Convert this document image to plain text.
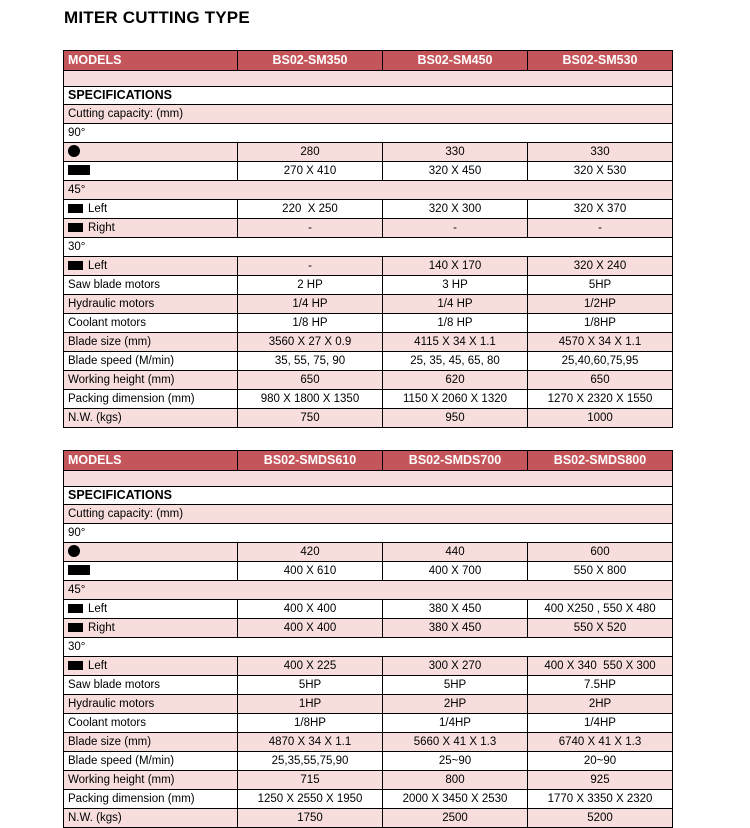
MITER CUTTING TYPE
MODELS	BS02-SM350	BS02-SM450	BS02-SM530

SPECIFICATIONS			
Cutting capacity: (mm)			
90°			
	280	330	330
	270 X 410	320 X 450	320 X 530
45°			
Left	220  X 250	320 X 300	320 X 370
Right	-	-	-
30°			
Left	-	140 X 170	320 X 240
Saw blade motors	2 HP	3 HP	5HP
Hydraulic motors	1/4 HP	1/4 HP	1/2HP
Coolant motors	1/8 HP	1/8 HP	1/8HP
Blade size (mm)	3560 X 27 X 0.9	4115 X 34 X 1.1	4570 X 34 X 1.1
Blade speed (M/min)	35, 55, 75, 90	25, 35, 45, 65, 80	25,40,60,75,95
Working height (mm)	650	620	650
Packing dimension (mm)	980 X 1800 X 1350	1150 X 2060 X 1320	1270 X 2320 X 1550
N.W. (kgs)	750	950	1000
MODELS	BS02-SMDS610	BS02-SMDS700	BS02-SMDS800

SPECIFICATIONS			
Cutting capacity: (mm)			
90°			
	420	440	600
	400 X 610	400 X 700	550 X 800
45°			
Left	400 X 400	380 X 450	400 X250 , 550 X 480
Right	400 X 400	380 X 450	550 X 520
30°			
Left	400 X 225	300 X 270	400 X 340  550 X 300
Saw blade motors	5HP	5HP	7.5HP
Hydraulic motors	1HP	2HP	2HP
Coolant motors	1/8HP	1/4HP	1/4HP
Blade size (mm)	4870 X 34 X 1.1	5660 X 41 X 1.3	6740 X 41 X 1.3
Blade speed (M/min)	25,35,55,75,90	25~90	20~90
Working height (mm)	715	800	925
Packing dimension (mm)	1250 X 2550 X 1950	2000 X 3450 X 2530	1770 X 3350 X 2320
N.W. (kgs)	1750	2500	5200
